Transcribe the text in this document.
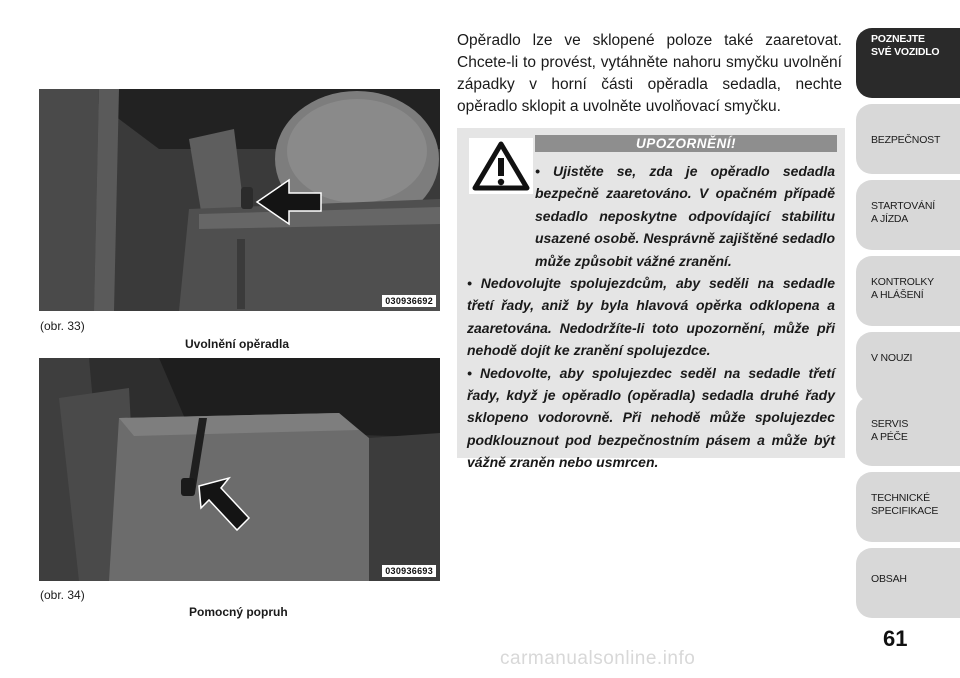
030936692
(obr. 33)
Uvolnění opěradla
030936693
(obr. 34)
Pomocný popruh
Opěradlo lze ve sklopené poloze také zaaretovat. Chcete-li to provést, vytáhněte nahoru smyčku uvolnění západky v horní části opěradla sedadla, nechte opěradlo sklopit a uvolněte uvolňovací smyčku.
UPOZORNĚNÍ!

• Ujistěte se, zda je opěradlo sedadla bezpečně zaaretováno. V opačném případě sedadlo neposkytne odpovídající stabilitu usazené osobě. Nesprávně zajištěné sedadlo může způsobit vážné zranění.

• Nedovolujte spolujezdcům, aby seděli na sedadle třetí řady, aniž by byla hlavová opěrka odklopena a zaaretována. Nedodržíte-li toto upozornění, může při nehodě dojít ke zranění spolujezdce.

• Nedovolte, aby spolujezdec seděl na sedadle třetí řady, když je opěradlo (opěradla) sedadla druhé řady sklopeno vodorovně. Při nehodě může spolujezdec podklouznout pod bezpečnostním pásem a může být vážně zraněn nebo usmrcen.

POZNEJTE
SVÉ VOZIDLO
BEZPEČNOST
STARTOVÁNÍ
A JÍZDA
KONTROLKY
A HLÁŠENÍ
V NOUZI
SERVIS
A PÉČE
TECHNICKÉ
SPECIFIKACE
OBSAH
61
carmanualsonline.info
